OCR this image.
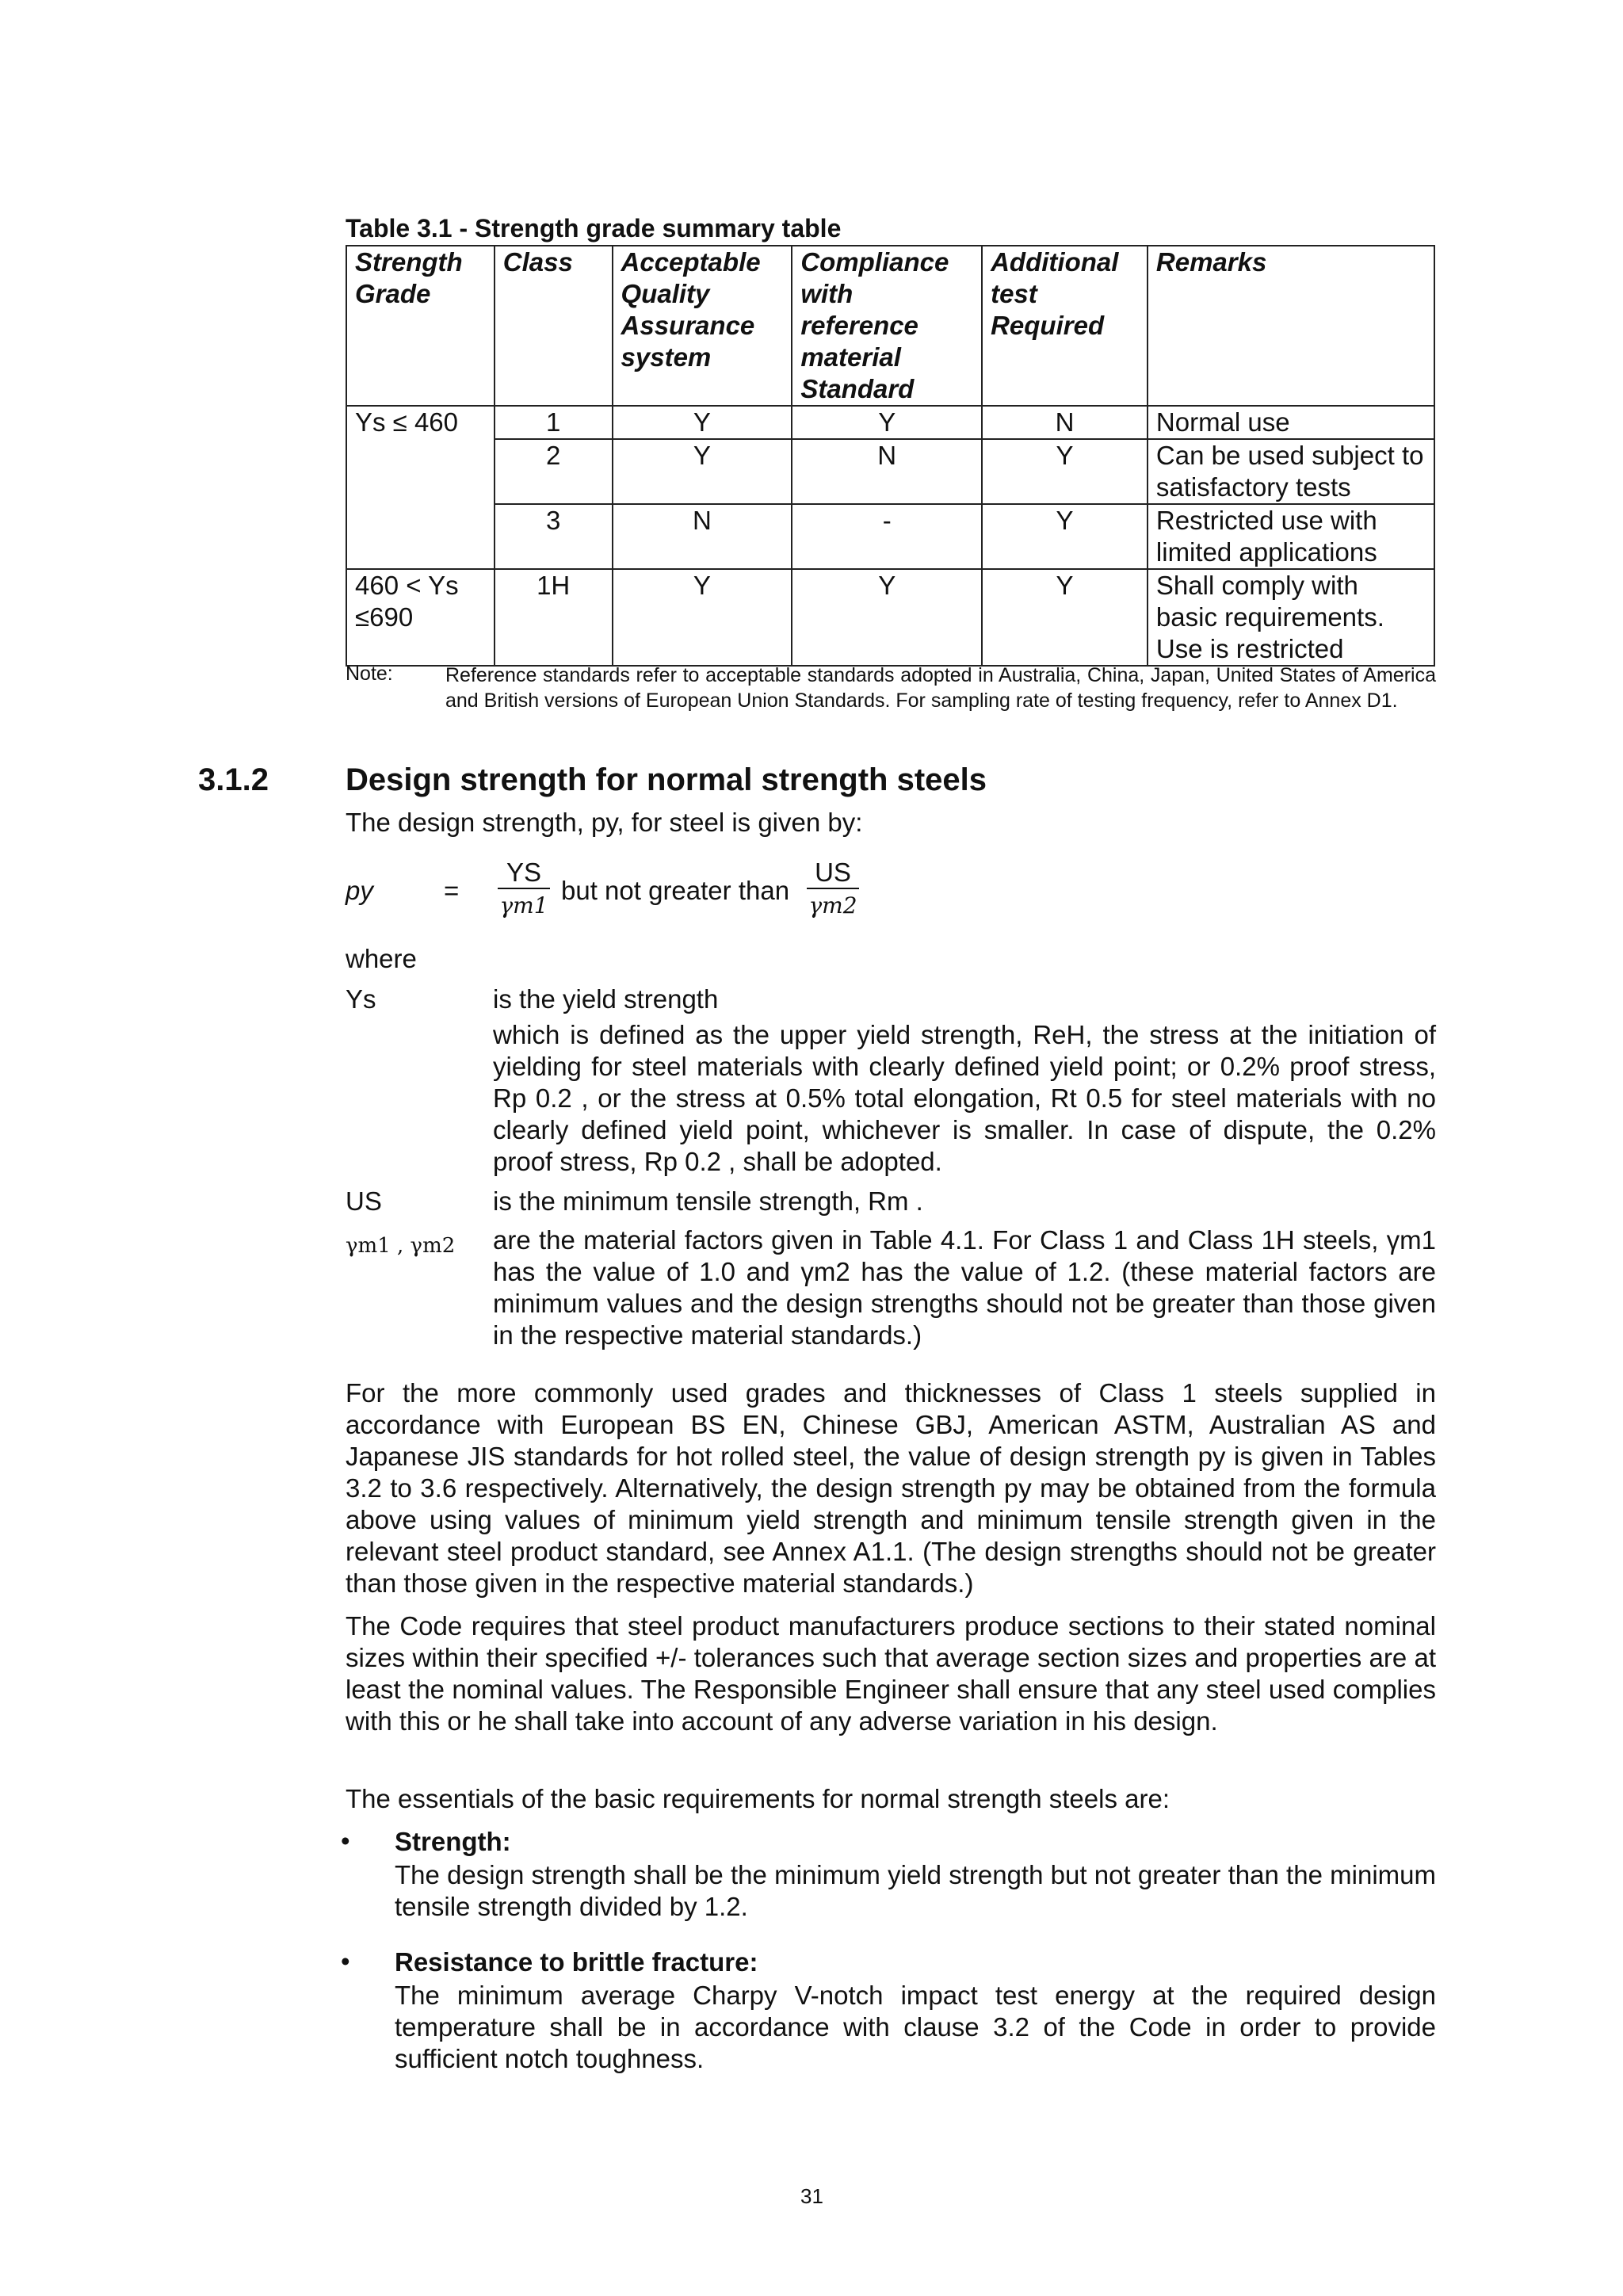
Table 3.1 - Strength grade summary table
Strength Grade	Class	Acceptable Quality Assurance system	Compliance with reference material Standard	Additional test Required	Remarks
Ys ≤ 460	1	Y	Y	N	Normal use
	2	Y	N	Y	Can be used subject to satisfactory tests
	3	N	-	Y	Restricted use with limited applications
460 < Ys ≤690	1H	Y	Y	Y	Shall comply with basic requirements. Use is restricted
Note:	Reference standards refer to acceptable standards adopted in Australia, China, Japan, United States of America and British versions of European Union Standards. For sampling rate of testing frequency, refer to Annex D1.
3.1.2 Design strength for normal strength steels
The design strength, py, for steel is given by:
py	= $\frac{YS}{\gamma m1}$ but not greater than $\frac{US}{\gamma m2}$
where
Ys	is the yield strength
which is defined as the upper yield strength, ReH, the stress at the initiation of yielding for steel materials with clearly defined yield point; or 0.2% proof stress, Rp 0.2 , or the stress at 0.5% total elongation, Rt 0.5 for steel materials with no clearly defined yield point, whichever is smaller. In case of dispute, the 0.2% proof stress, Rp 0.2 , shall be adopted.
US	is the minimum tensile strength, Rm .
γm1 , γm2 are the material factors given in Table 4.1. For Class 1 and Class 1H steels, γm1 has the value of 1.0 and γm2 has the value of 1.2. (these material factors are minimum values and the design strengths should not be greater than those given in the respective material standards.)
For the more commonly used grades and thicknesses of Class 1 steels supplied in accordance with European BS EN, Chinese GBJ, American ASTM, Australian AS and Japanese JIS standards for hot rolled steel, the value of design strength py is given in Tables 3.2 to 3.6 respectively. Alternatively, the design strength py may be obtained from the formula above using values of minimum yield strength and minimum tensile strength given in the relevant steel product standard, see Annex A1.1. (The design strengths should not be greater than those given in the respective material standards.)
The Code requires that steel product manufacturers produce sections to their stated nominal sizes within their specified +/- tolerances such that average section sizes and properties are at least the nominal values. The Responsible Engineer shall ensure that any steel used complies with this or he shall take into account of any adverse variation in his design.
The essentials of the basic requirements for normal strength steels are:
• Strength:
The design strength shall be the minimum yield strength but not greater than the minimum tensile strength divided by 1.2.
• Resistance to brittle fracture:
The minimum average Charpy V-notch impact test energy at the required design temperature shall be in accordance with clause 3.2 of the Code in order to provide sufficient notch toughness.
31
